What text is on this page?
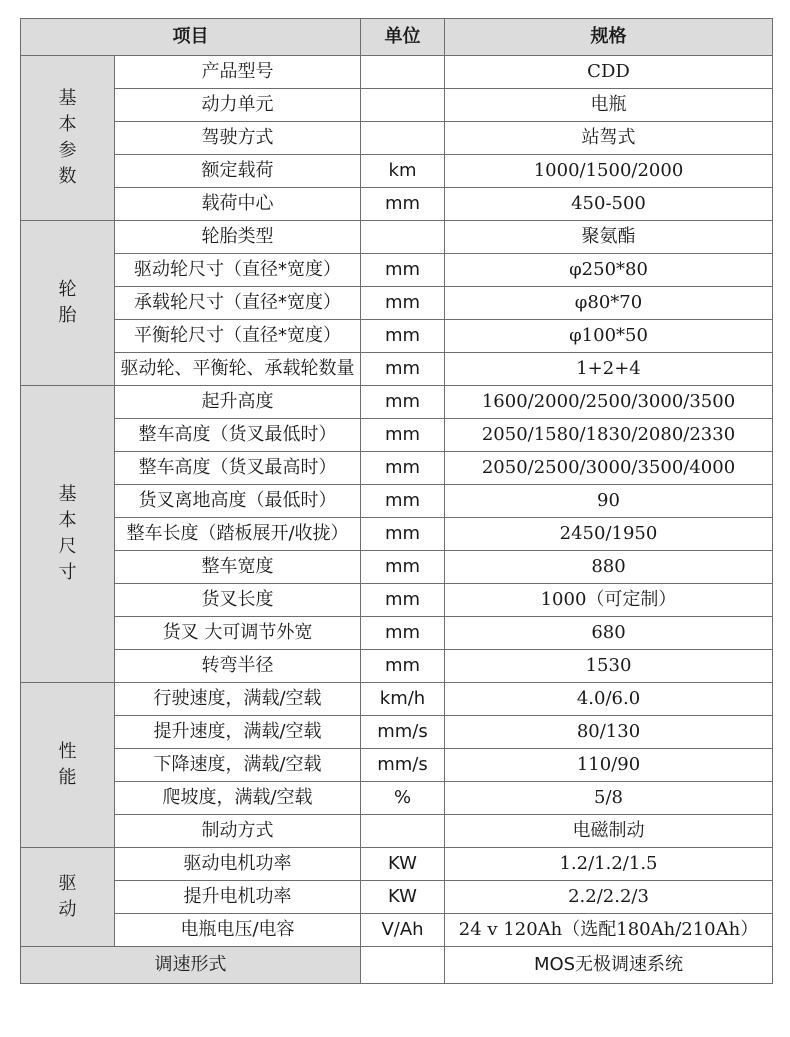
项目		单位	规格
基本参数	产品型号		CDD
	动力单元		电瓶
	驾驶方式		站驾式
	额定载荷	km	1000/1500/2000
	载荷中心	mm	450-500
轮胎	轮胎类型		聚氨酯
	驱动轮尺寸（直径*宽度）	mm	φ250*80
	承载轮尺寸（直径*宽度）	mm	φ80*70
	平衡轮尺寸（直径*宽度）	mm	φ100*50
	驱动轮、平衡轮、承载轮数量	mm	1+2+4
基本尺寸	起升高度	mm	1600/2000/2500/3000/3500
	整车高度（货叉最低时）	mm	2050/1580/1830/2080/2330
	整车高度（货叉最高时）	mm	2050/2500/3000/3500/4000
	货叉离地高度（最低时）	mm	90
	整车长度（踏板展开/收拢）	mm	2450/1950
	整车宽度	mm	880
	货叉长度	mm	1000（可定制）
	货叉 大可调节外宽	mm	680
	转弯半径	mm	1530
性能	行驶速度，满载/空载	km/h	4.0/6.0
	提升速度，满载/空载	mm/s	80/130
	下降速度，满载/空载	mm/s	110/90
	爬坡度，满载/空载	%	5/8
	制动方式		电磁制动
驱动	驱动电机功率	KW	1.2/1.2/1.5
	提升电机功率	KW	2.2/2.2/3
	电瓶电压/电容	V/Ah	24 v 120Ah（选配180Ah/210Ah）
调速形式			MOS无极调速系统
